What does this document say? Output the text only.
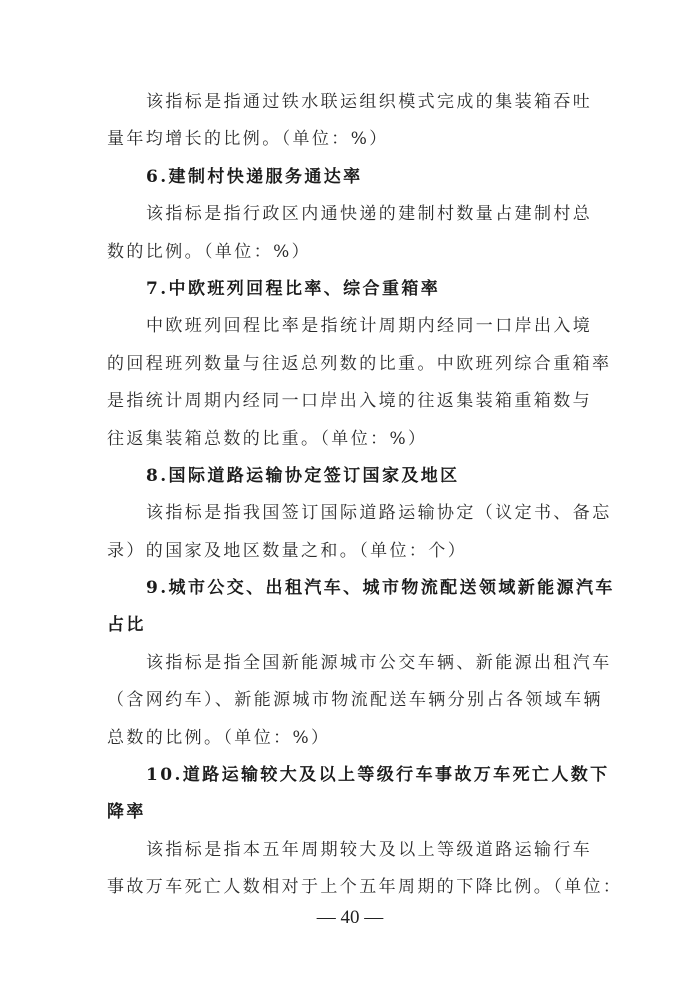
该指标是指通过铁水联运组织模式完成的集装箱吞吐
量年均增长的比例。（单位：%）
6.建制村快递服务通达率
该指标是指行政区内通快递的建制村数量占建制村总
数的比例。（单位：%）
7.中欧班列回程比率、综合重箱率
中欧班列回程比率是指统计周期内经同一口岸出入境
的回程班列数量与往返总列数的比重。中欧班列综合重箱率
是指统计周期内经同一口岸出入境的往返集装箱重箱数与
往返集装箱总数的比重。（单位：%）
8.国际道路运输协定签订国家及地区
该指标是指我国签订国际道路运输协定（议定书、备忘
录）的国家及地区数量之和。（单位：个）
9.城市公交、出租汽车、城市物流配送领域新能源汽车
占比
该指标是指全国新能源城市公交车辆、新能源出租汽车
（含网约车）、新能源城市物流配送车辆分别占各领域车辆
总数的比例。（单位：%）
10.道路运输较大及以上等级行车事故万车死亡人数下
降率
该指标是指本五年周期较大及以上等级道路运输行车
事故万车死亡人数相对于上个五年周期的下降比例。（单位：
— 40 —
